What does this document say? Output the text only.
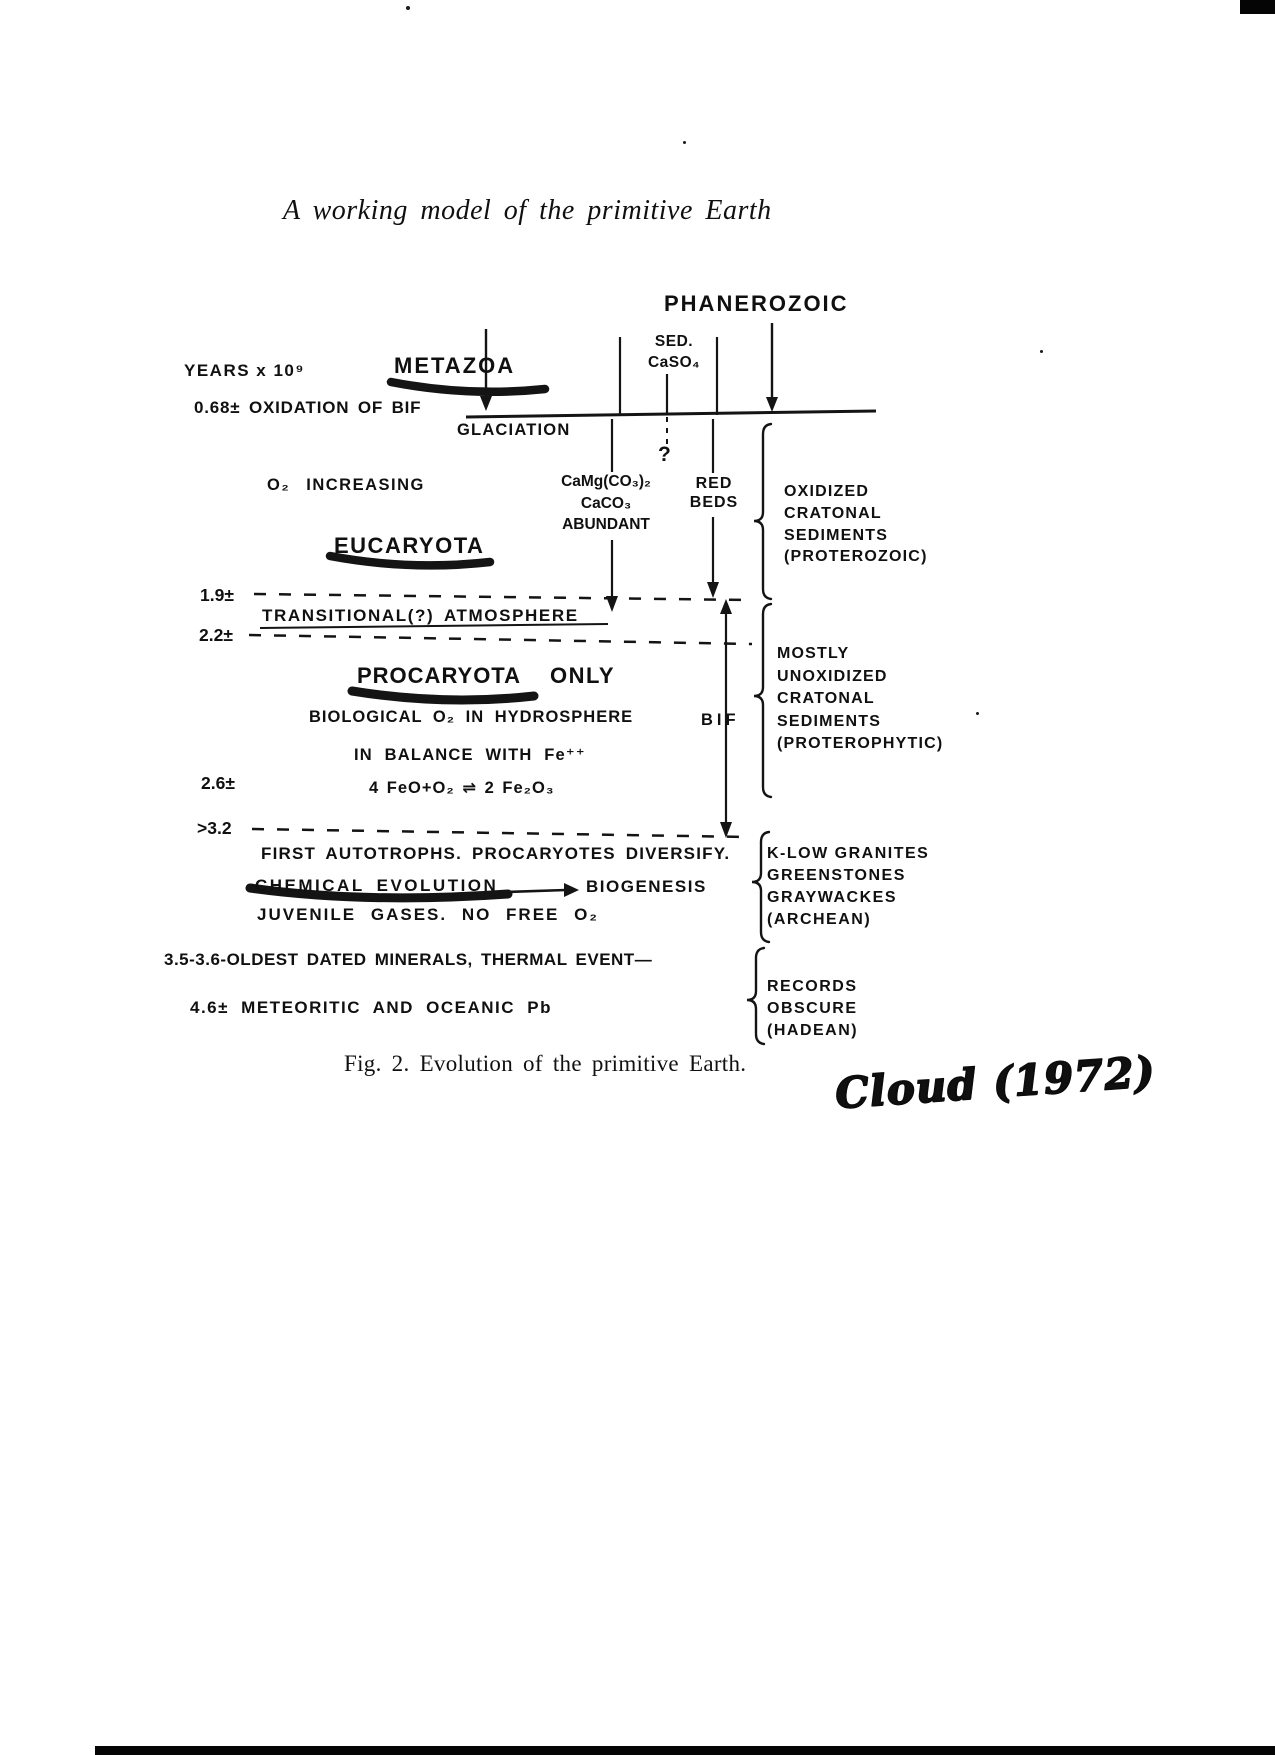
A working model of the primitive Earth
PHANEROZOIC
SED.
CaSO₄
YEARS x 10⁹	METAZOA
0.68± OXIDATION OF BIF
GLACIATION
?
O₂ INCREASING	CaMg(CO₃)₂
CaCO₃
ABUNDANT
RED
BEDS
OXIDIZED
CRATONAL
SEDIMENTS
(PROTEROZOIC)
EUCARYOTA
1.9±
TRANSITIONAL(?) ATMOSPHERE
2.2±
PROCARYOTA ONLY
MOSTLY
UNOXIDIZED
CRATONAL
SEDIMENTS
(PROTEROPHYTIC)
BIOLOGICAL O₂ IN HYDROSPHERE	BIF
IN BALANCE WITH Fe⁺⁺
2.6±	4 FeO+O₂ ⇌ 2 Fe₂O₃
>3.2
FIRST AUTOTROPHS. PROCARYOTES DIVERSIFY.
CHEMICAL EVOLUTION	BIOGENESIS
JUVENILE GASES. NO FREE O₂
K-LOW GRANITES
GREENSTONES
GRAYWACKES
(ARCHEAN)
3.5-3.6-OLDEST DATED MINERALS, THERMAL EVENT—
4.6± METEORITIC AND OCEANIC Pb
RECORDS
OBSCURE
(HADEAN)
Fig. 2. Evolution of the primitive Earth. Cloud (1972)
